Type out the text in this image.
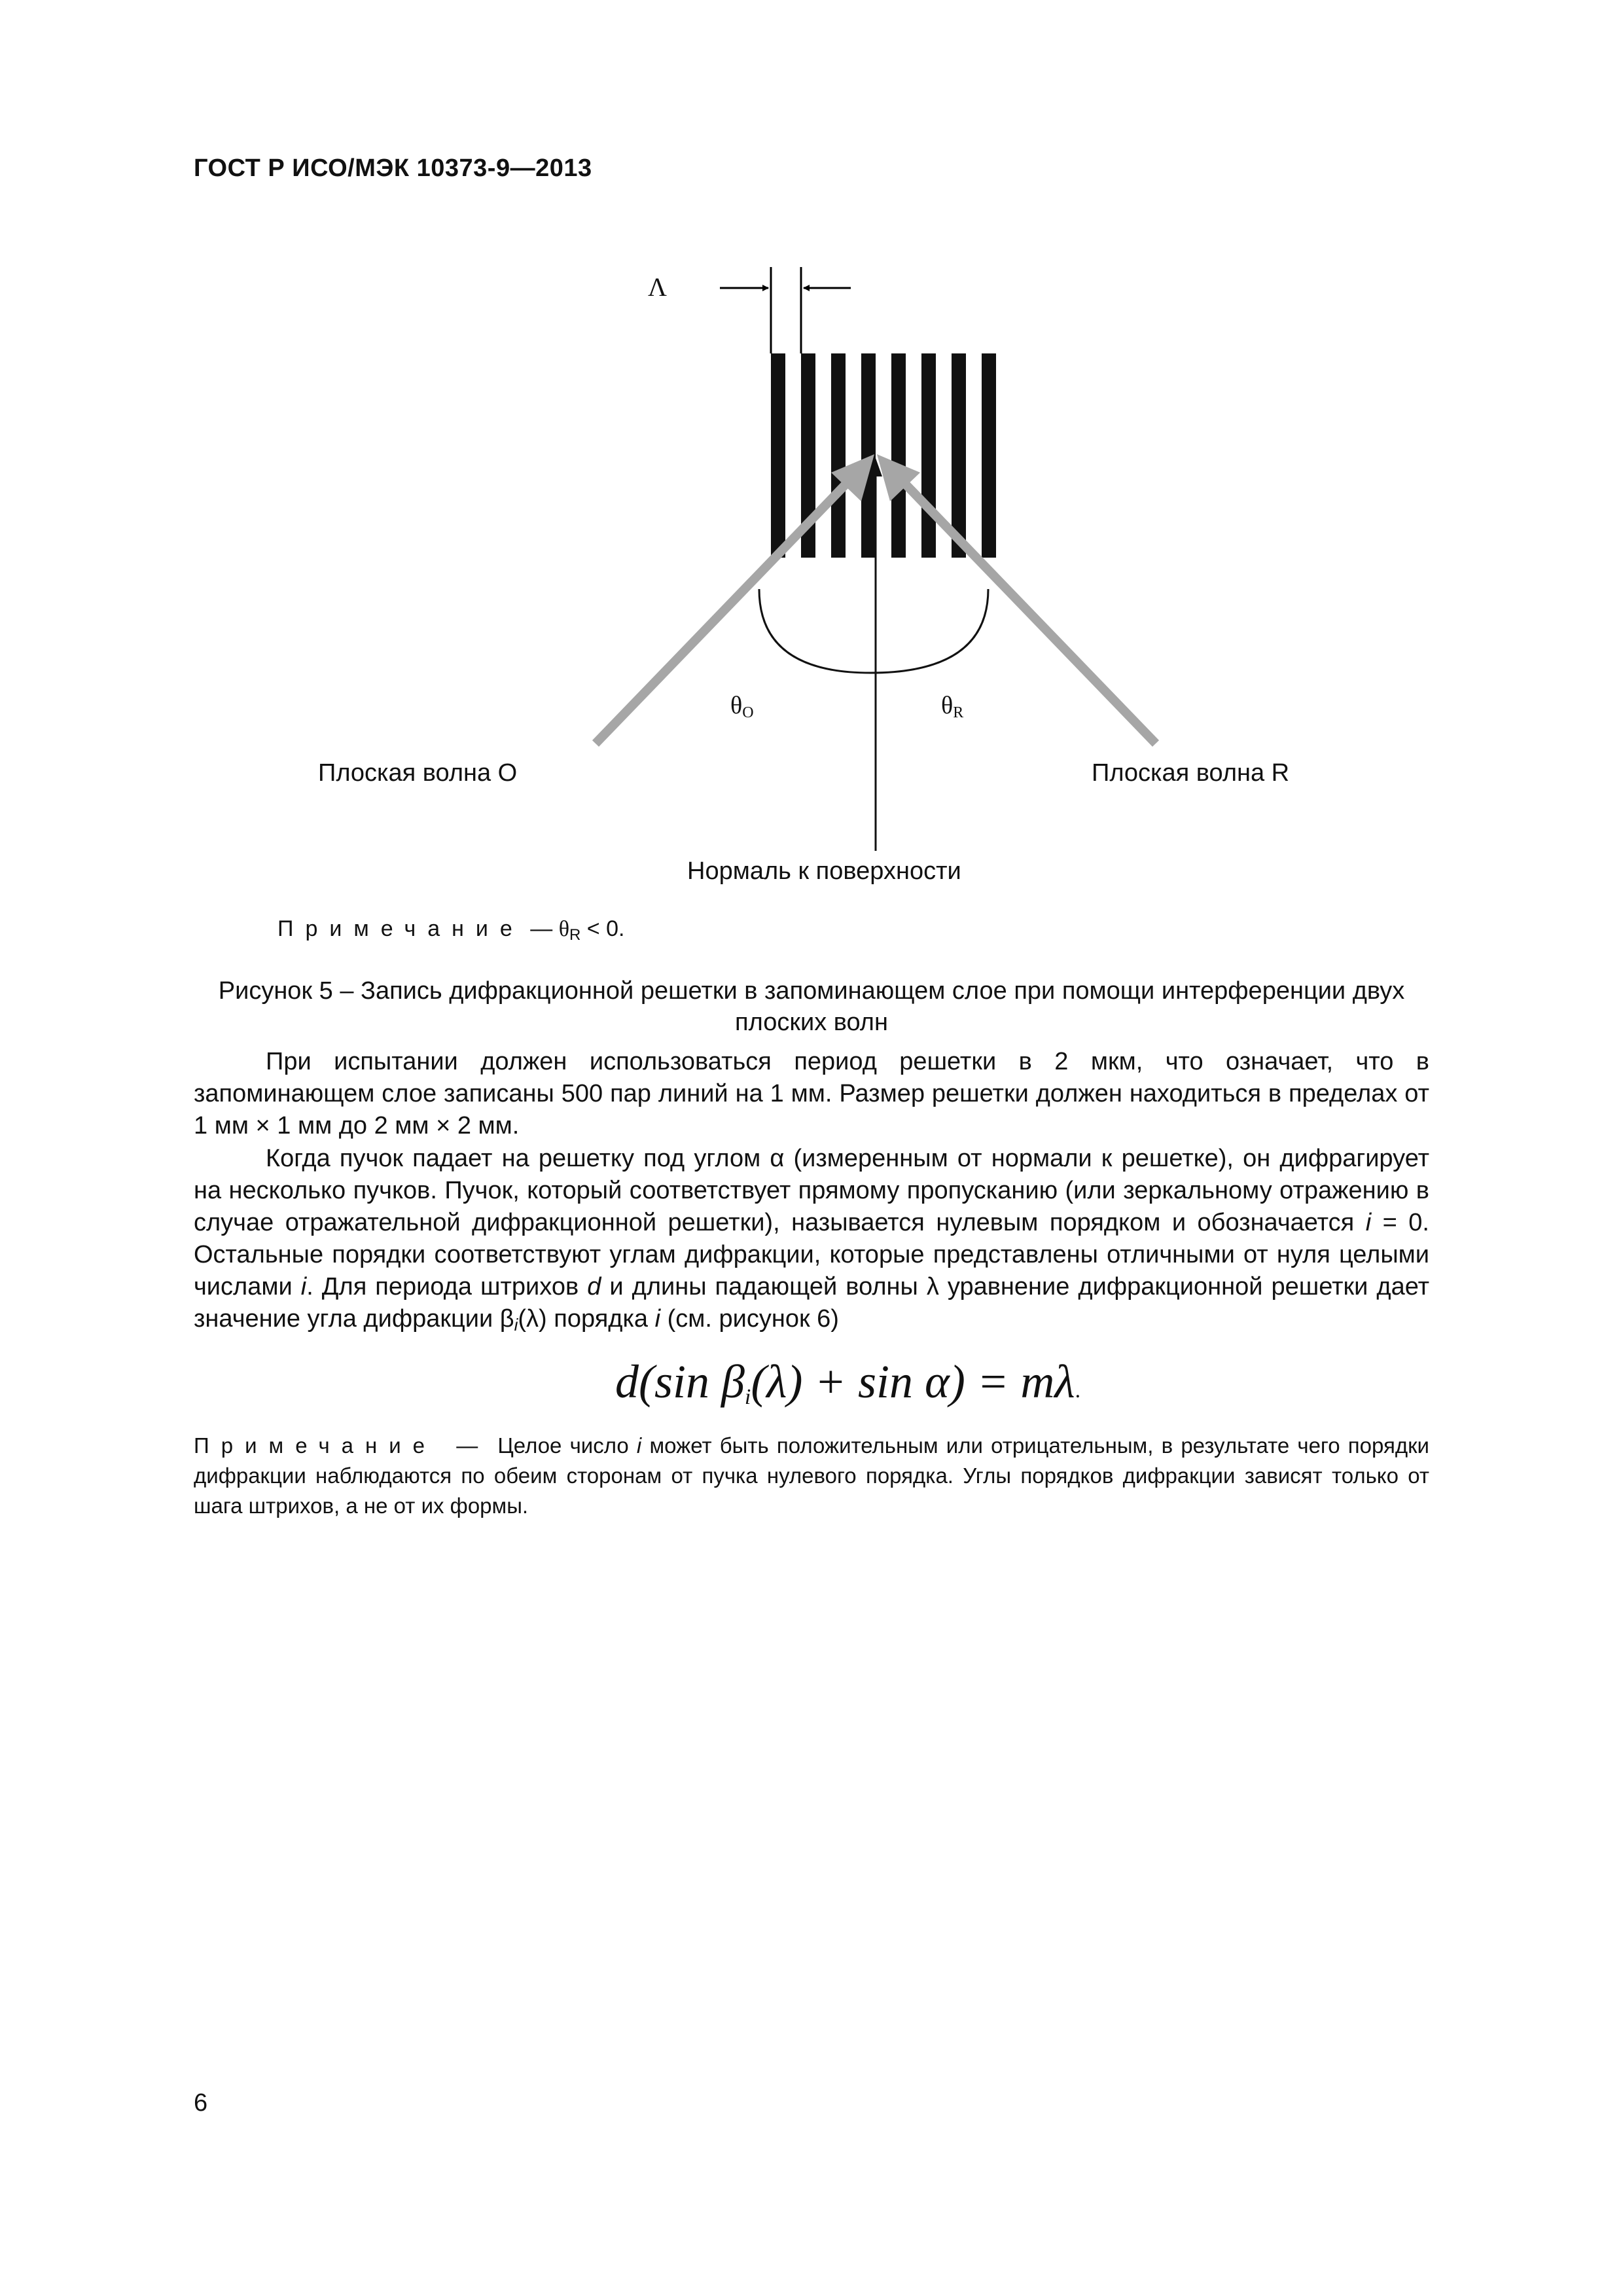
ГОСТ Р ИСО/МЭК 10373-9—2013
Λ
$\theta_O$	$\theta_R$
Плоская волна О	Плоская волна R
Нормаль к поверхности
Примечание — $\theta_R < 0$.
Рисунок 5 – Запись дифракционной решетки в запоминающем слое при помощи интерференции двух плоских волн

При испытании должен использоваться период решетки в 2 мкм, что означает, что в запоминающем слое записаны 500 пар линий на 1 мм. Размер решетки должен находиться в пределах от 1 мм × 1 мм до 2 мм × 2 мм.

Когда пучок падает на решетку под углом α (измеренным от нормали к решетке), он дифрагирует на несколько пучков. Пучок, который соответствует прямому пропусканию (или зеркальному отражению в случае отражательной дифракционной решетки), называется нулевым порядком и обозначается i = 0. Остальные порядки соответствуют углам дифракции, которые представлены отличными от нуля целыми числами i. Для периода штрихов d и длины падающей волны λ уравнение дифракционной решетки дает значение угла дифракции βi(λ) порядка i (см. рисунок 6)

d(sin βi(λ) + sin α) = mλ.

Примечание — Целое число i может быть положительным или отрицательным, в результате чего порядки дифракции наблюдаются по обеим сторонам от пучка нулевого порядка. Углы порядков дифракции зависят только от шага штрихов, а не от их формы.

6
